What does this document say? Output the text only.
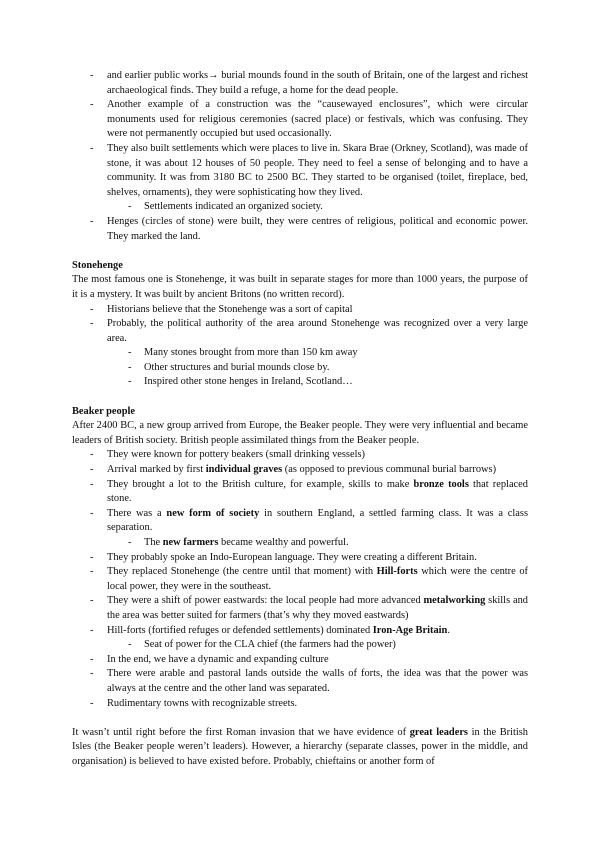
- and earlier public works→ burial mounds found in the south of Britain, one of the largest and richest archaeological finds. They build a refuge, a home for the dead people.
- Another example of a construction was the “causewayed enclosures”, which were circular monuments used for religious ceremonies (sacred place) or festivals, which was confusing. They were not permanently occupied but used occasionally.
- They also built settlements which were places to live in. Skara Brae (Orkney, Scotland), was made of stone, it was about 12 houses of 50 people. They need to feel a sense of belonging and to have a community. It was from 3180 BC to 2500 BC. They started to be organised (toilet, fireplace, bed, shelves, ornaments), they were sophisticating how they lived.
- Settlements indicated an organized society.
- Henges (circles of stone) were built, they were centres of religious, political and economic power. They marked the land.

Stonehenge

The most famous one is Stonehenge, it was built in separate stages for more than 1000 years, the purpose of it is a mystery. It was built by ancient Britons (no written record).

- Historians believe that the Stonehenge was a sort of capital
- Probably, the political authority of the area around Stonehenge was recognized over a very large area.
- Many stones brought from more than 150 km away
- Other structures and burial mounds close by.
- Inspired other stone henges in Ireland, Scotland…

Beaker people

After 2400 BC, a new group arrived from Europe, the Beaker people. They were very influential and became leaders of British society. British people assimilated things from the Beaker people.

- They were known for pottery beakers (small drinking vessels)
- Arrival marked by first individual graves (as opposed to previous communal burial barrows)
- They brought a lot to the British culture, for example, skills to make bronze tools that replaced stone.
- There was a new form of society in southern England, a settled farming class. It was a class separation.
- The new farmers became wealthy and powerful.
- They probably spoke an Indo-European language. They were creating a different Britain.
- They replaced Stonehenge (the centre until that moment) with Hill-forts which were the centre of local power, they were in the southeast.
- They were a shift of power eastwards: the local people had more advanced metalworking skills and the area was better suited for farmers (that’s why they moved eastwards)
- Hill-forts (fortified refuges or defended settlements) dominated Iron-Age Britain.
- Seat of power for the CLA chief (the farmers had the power)
- In the end, we have a dynamic and expanding culture
- There were arable and pastoral lands outside the walls of forts, the idea was that the power was always at the centre and the other land was separated.
- Rudimentary towns with recognizable streets.

It wasn’t until right before the first Roman invasion that we have evidence of great leaders in the British Isles (the Beaker people weren’t leaders). However, a hierarchy (separate classes, power in the middle, and organisation) is believed to have existed before. Probably, chieftains or another form of
